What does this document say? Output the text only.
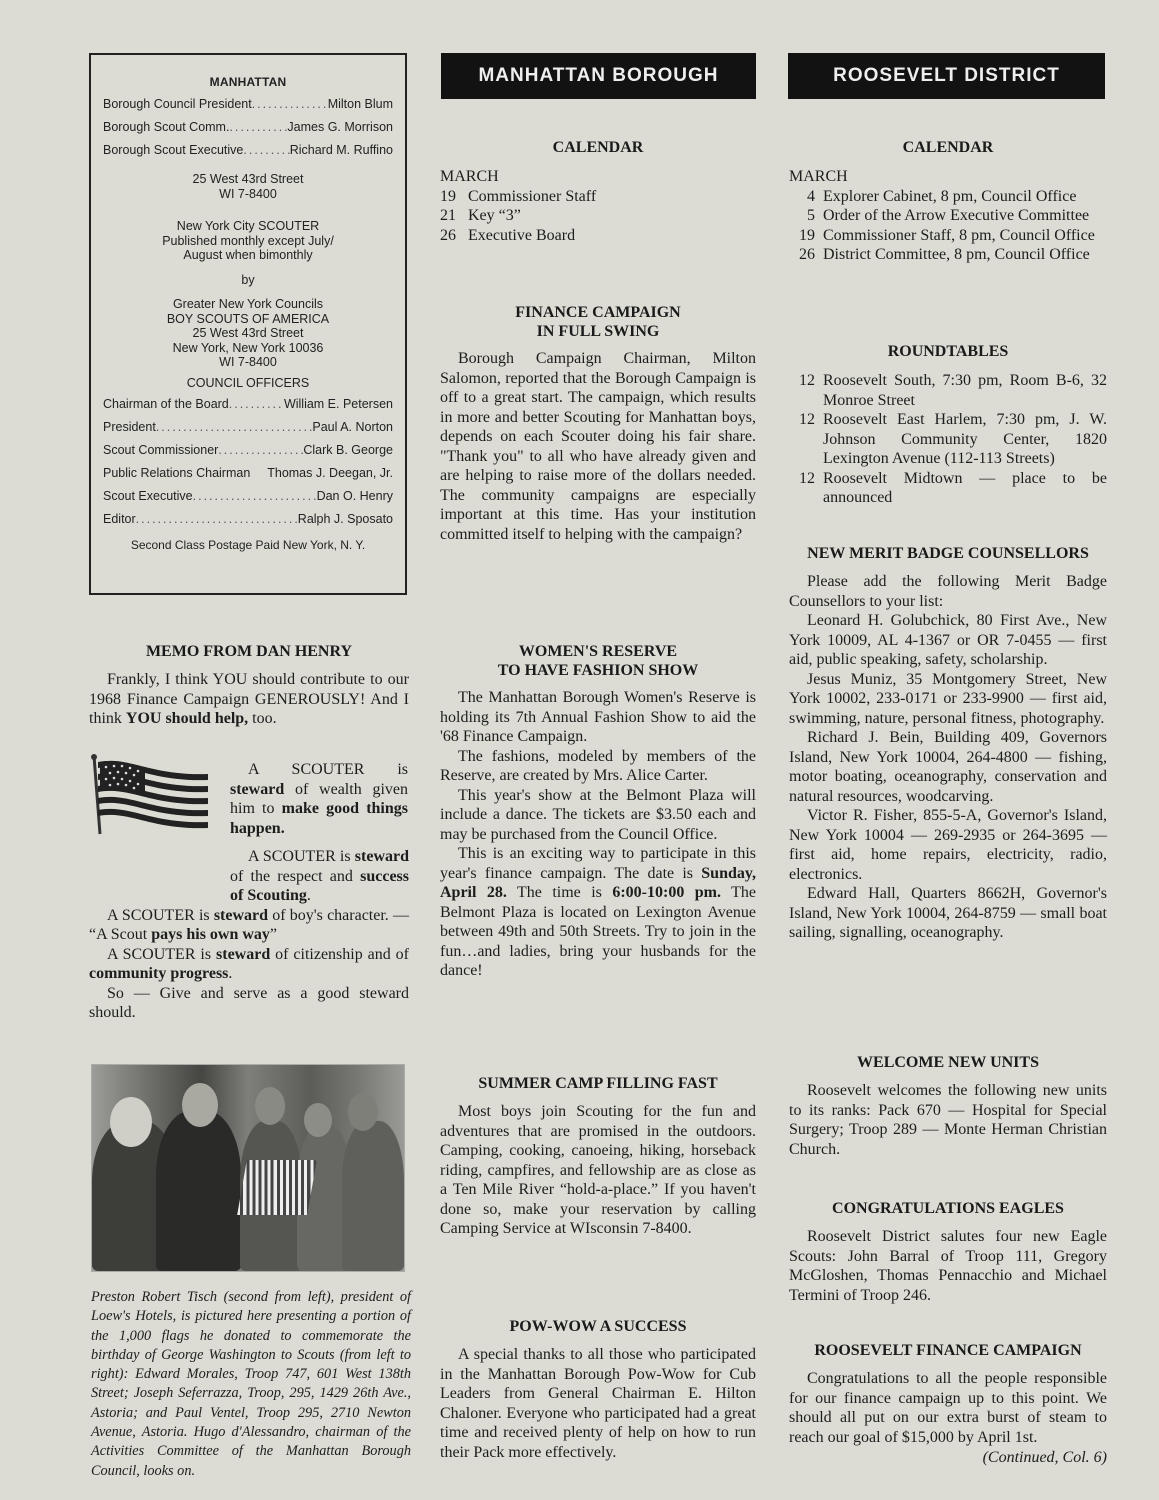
MANHATTAN
Borough Council President .....	Milton Blum
Borough Scout Comm. .....	James G. Morrison
Borough Scout Executive .....	Richard M. Ruffino
25 West 43rd Street
WI 7-8400
New York City SCOUTER
Published monthly except July/
August when bimonthly
by
Greater New York Councils
BOY SCOUTS OF AMERICA
25 West 43rd Street
New York, New York 10036
WI 7-8400
COUNCIL OFFICERS
Chairman of the Board .....	William E. Petersen
President .....	Paul A. Norton
Scout Commissioner .....	Clark B. George
Public Relations Chairman Thomas J. Deegan, Jr.
Scout Executive .....	Dan O. Henry
Editor .....	Ralph J. Sposato
Second Class Postage Paid New York, N. Y.
MEMO FROM DAN HENRY

Frankly, I think YOU should contribute to our 1968 Finance Campaign GENEROUSLY! And I think YOU should help, too.

A SCOUTER is steward of wealth given him to make good things happen.

A SCOUTER is steward of the respect and success of Scouting.

A SCOUTER is steward of boy's character. — “A Scout pays his own way”

A SCOUTER is steward of citizenship and of community progress.

So — Give and serve as a good steward should.

Preston Robert Tisch (second from left), president of Loew's Hotels, is pictured here presenting a portion of the 1,000 flags he donated to commemorate the birthday of George Washington to Scouts (from left to right): Edward Morales, Troop 747, 601 West 138th Street; Joseph Seferrazza, Troop, 295, 1429 26th Ave., Astoria; and Paul Ventel, Troop 295, 2710 Newton Avenue, Astoria. Hugo d'Alessandro, chairman of the Activities Committee of the Manhattan Borough Council, looks on.
MANHATTAN BOROUGH
CALENDAR
MARCH
19 Commissioner Staff
21 Key “3”
26 Executive Board
FINANCE CAMPAIGN
IN FULL SWING

Borough Campaign Chairman, Milton Salomon, reported that the Borough Campaign is off to a great start. The campaign, which results in more and better Scouting for Manhattan boys, depends on each Scouter doing his fair share. "Thank you" to all who have already given and are helping to raise more of the dollars needed. The community campaigns are especially important at this time. Has your institution committed itself to helping with the campaign?

WOMEN'S RESERVE
TO HAVE FASHION SHOW

The Manhattan Borough Women's Reserve is holding its 7th Annual Fashion Show to aid the '68 Finance Campaign.

The fashions, modeled by members of the Reserve, are created by Mrs. Alice Carter.

This year's show at the Belmont Plaza will include a dance. The tickets are $3.50 each and may be purchased from the Council Office.

This is an exciting way to participate in this year's finance campaign. The date is Sunday, April 28. The time is 6:00-10:00 pm. The Belmont Plaza is located on Lexington Avenue between 49th and 50th Streets. Try to join in the fun…and ladies, bring your husbands for the dance!

SUMMER CAMP FILLING FAST

Most boys join Scouting for the fun and adventures that are promised in the outdoors. Camping, cooking, canoeing, hiking, horseback riding, campfires, and fellowship are as close as a Ten Mile River “hold-a-place.” If you haven't done so, make your reservation by calling Camping Service at WIsconsin 7-8400.

POW-WOW A SUCCESS

A special thanks to all those who participated in the Manhattan Borough Pow-Wow for Cub Leaders from General Chairman E. Hilton Chaloner. Everyone who participated had a great time and received plenty of help on how to run their Pack more effectively.

ROOSEVELT DISTRICT
CALENDAR
MARCH
4 Explorer Cabinet, 8 pm, Council Office
5 Order of the Arrow Executive Committee
19 Commissioner Staff, 8 pm, Council Office
26 District Committee, 8 pm, Council Office
ROUNDTABLES
12 Roosevelt South, 7:30 pm, Room B-6, 32 Monroe Street
12 Roosevelt East Harlem, 7:30 pm, J. W. Johnson Community Center, 1820 Lexington Avenue (112-113 Streets)
12 Roosevelt Midtown — place to be announced
NEW MERIT BADGE COUNSELLORS

Please add the following Merit Badge Counsellors to your list:

Leonard H. Golubchick, 80 First Ave., New York 10009, AL 4-1367 or OR 7-0455 — first aid, public speaking, safety, scholarship.

Jesus Muniz, 35 Montgomery Street, New York 10002, 233-0171 or 233-9900 — first aid, swimming, nature, personal fitness, photography.

Richard J. Bein, Building 409, Governors Island, New York 10004, 264-4800 — fishing, motor boating, oceanography, conservation and natural resources, woodcarving.

Victor R. Fisher, 855-5-A, Governor's Island, New York 10004 — 269-2935 or 264-3695 — first aid, home repairs, electricity, radio, electronics.

Edward Hall, Quarters 8662H, Governor's Island, New York 10004, 264-8759 — small boat sailing, signalling, oceanography.

WELCOME NEW UNITS

Roosevelt welcomes the following new units to its ranks: Pack 670 — Hospital for Special Surgery; Troop 289 — Monte Herman Christian Church.

CONGRATULATIONS EAGLES

Roosevelt District salutes four new Eagle Scouts: John Barral of Troop 111, Gregory McGloshen, Thomas Pennacchio and Michael Termini of Troop 246.

ROOSEVELT FINANCE CAMPAIGN

Congratulations to all the people responsible for our finance campaign up to this point. We should all put on our extra burst of steam to reach our goal of $15,000 by April 1st.

(Continued, Col. 6)
